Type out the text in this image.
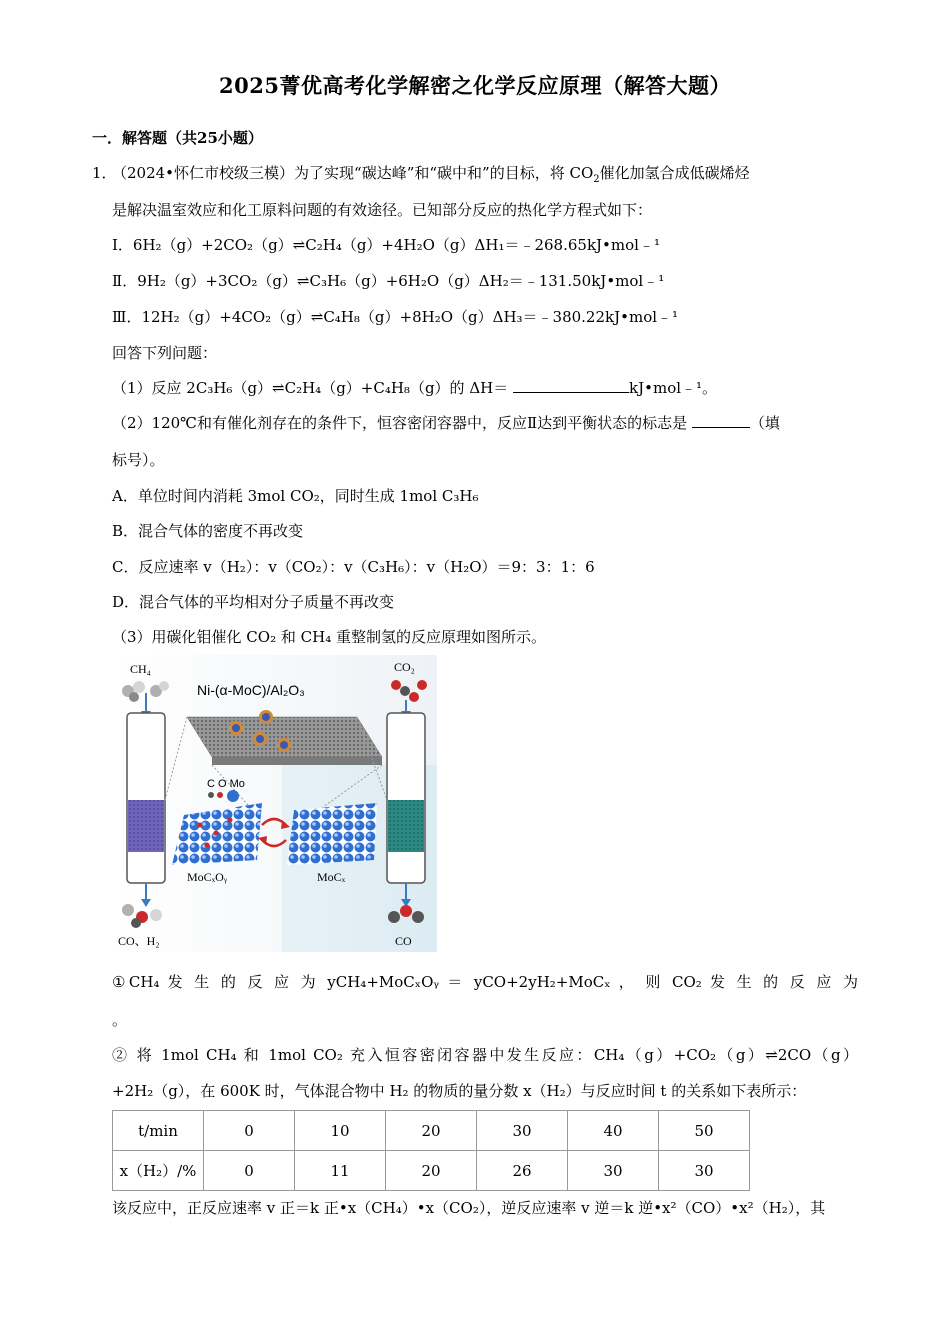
2025菁优高考化学解密之化学反应原理（解答大题）
一．解答题（共25小题）
1．
（2024•怀仁市校级三模）为了实现“碳达峰”和“碳中和”的目标，将 $CO_2$催化加氢合成低碳烯烃
是解决温室效应和化工原料问题的有效途径。已知部分反应的热化学方程式如下：
Ⅰ．6H₂（g）+2CO₂（g）⇌C₂H₄（g）+4H₂O（g）ΔH₁＝﹣268.65kJ•mol﹣¹
Ⅱ．9H₂（g）+3CO₂（g）⇌C₃H₆（g）+6H₂O（g）ΔH₂＝﹣131.50kJ•mol﹣¹
Ⅲ．12H₂（g）+4CO₂（g）⇌C₄H₈（g）+8H₂O（g）ΔH₃＝﹣380.22kJ•mol﹣¹
回答下列问题：
（1）反应 2C₃H₆（g）⇌C₂H₄（g）+C₄H₈（g）的 ΔH＝	kJ•mol﹣¹。
（2）120℃和有催化剂存在的条件下，恒容密闭容器中，反应Ⅱ达到平衡状态的标志是	（填
标号）。
A．单位时间内消耗 3mol CO₂，同时生成 1mol C₃H₆
B．混合气体的密度不再改变
C．反应速率 v（H₂）：v（CO₂）：v（C₃H₆）：v（H₂O）＝9：3：1：6
D．混合气体的平均相对分子质量不再改变
（3）用碳化钼催化 CO₂ 和 CH₄ 重整制氢的反应原理如图所示。
CH₄
CO、H₂
CO₂
CO
Ni-(α-MoC)/Al₂O₃
C O Mo
MoCₓOᵧ	MoCₓ
①CH₄ 发 生 的 反 应 为 yCH₄+MoCₓOᵧ ＝ yCO+2yH₂+MoCₓ ， 则 CO₂ 发 生 的 反 应 为
。
② 将 1mol CH₄ 和 1mol CO₂ 充入恒容密闭容器中发生反应：CH₄（g）+CO₂（g）⇌2CO（g）
+2H₂（g），在 600K 时，气体混合物中 H₂ 的物质的量分数 x（H₂）与反应时间 t 的关系如下表所示：
t/min	0	10	20	30	40	50
x（H₂）/%	0	11	20	26	30	30
该反应中，正反应速率 v 正＝k 正•x（CH₄）•x（CO₂），逆反应速率 v 逆＝k 逆•x²（CO）•x²（H₂），其
